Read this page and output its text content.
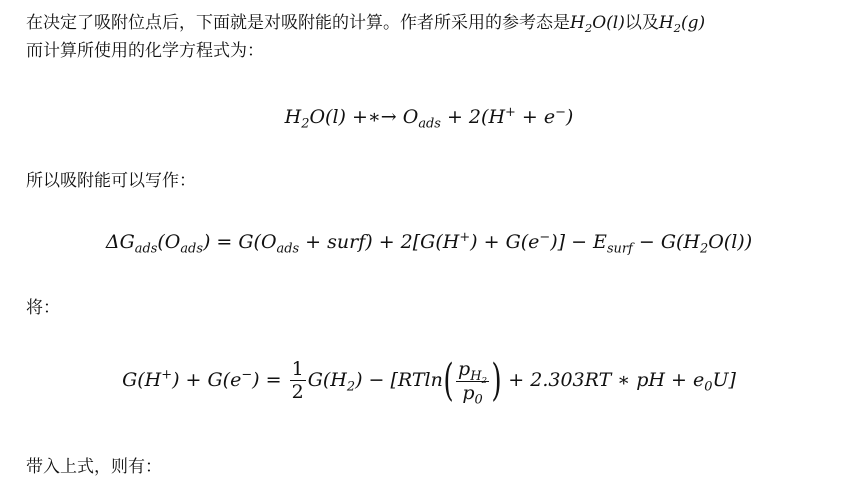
在决定了吸附位点后，下面就是对吸附能的计算。作者所采用的参考态是$H_2O(l)$以及$H_2(g)$
而计算所使用的化学方程式为：
$H_2O(l)$ +∗→ $O_{ads} + 2(H^+ + e^-)$
所以吸附能可以写作：
$\Delta G_{ads}(O_{ads}) = G(O_{ads}$ + surf) + $2[G(H^+) + G(e^-)] - E_{surf} - G(H_2O(l))$
将：
$G(H^+) + G(e^-) = \frac{1}{2} G(H_2) - [RTln( \frac{p_{H_2}}{p_0}$ ) + 2.303RT ∗ pH + $e_0U$]
带入上式，则有：
